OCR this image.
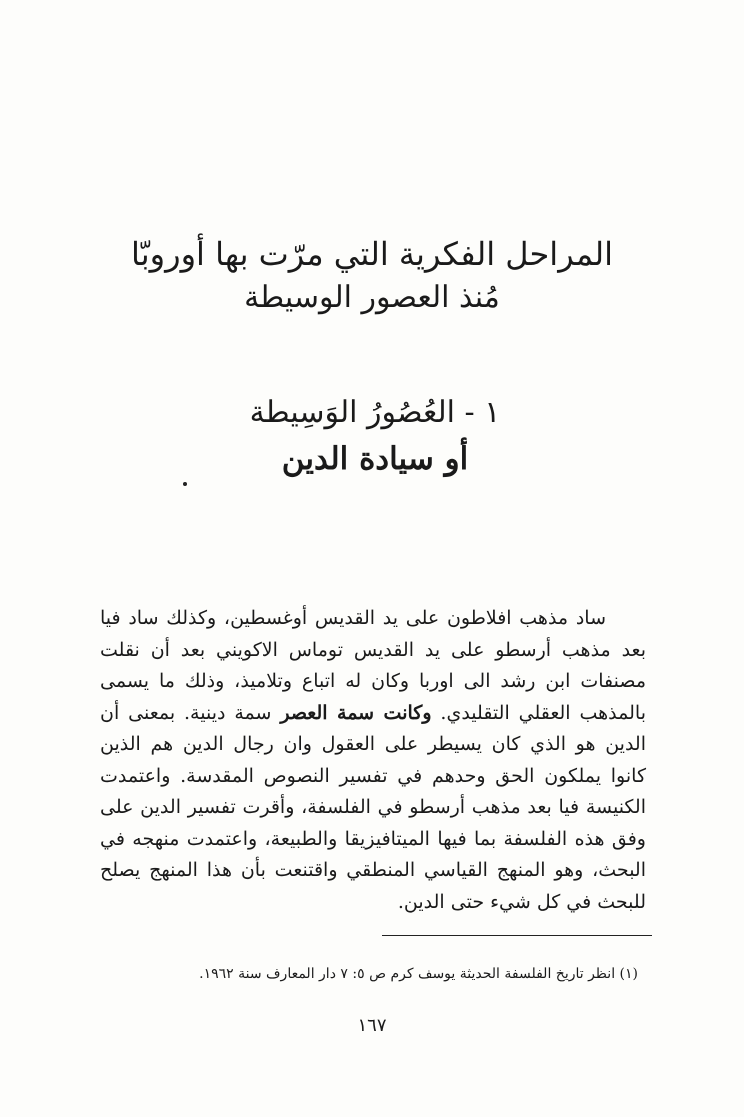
المراحل الفكرية التي مرّت بها أوروبّا
مُنذ العصور الوسيطة
١ - العُصُورُ الوَسِيطة
أو سيادة الدين

ساد مذهب افلاطون على يد القديس أوغسطين، وكذلك ساد فيا بعد مذهب أرسطو على يد القديس توماس الاكويني بعد أن نقلت مصنفات ابن رشد الى اوربا وكان له اتباع وتلاميذ، وذلك ما يسمى بالمذهب العقلي التقليدي. وكانت سمة العصر سمة دينية. بمعنى أن الدين هو الذي كان يسيطر على العقول وان رجال الدين هم الذين كانوا يملكون الحق وحدهم في تفسير النصوص المقدسة. واعتمدت الكنيسة فيا بعد مذهب أرسطو في الفلسفة، وأقرت تفسير الدين على وفق هذه الفلسفة بما فيها الميتافيزيقا والطبيعة، واعتمدت منهجه في البحث، وهو المنهج القياسي المنطقي واقتنعت بأن هذا المنهج يصلح للبحث في كل شيء حتى الدين.

(١) انظر تاريخ الفلسفة الحديثة يوسف كرم ص ٥: ٧ دار المعارف سنة ١٩٦٢.
١٦٧
